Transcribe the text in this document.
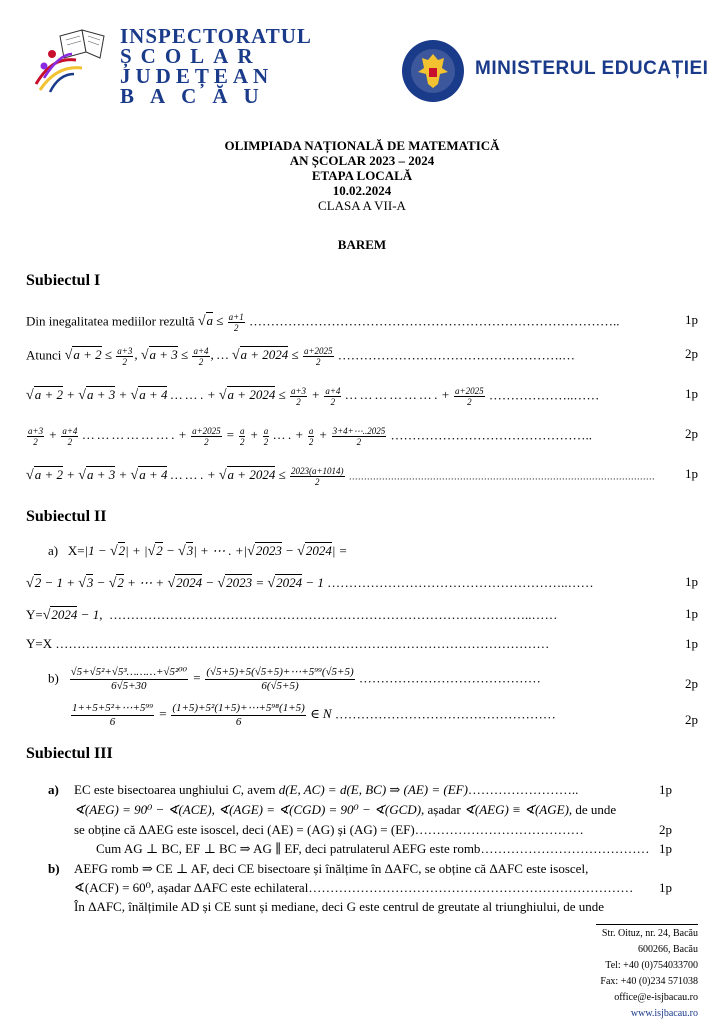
INSPECTORATUL
ȘCOLAR
JUDEȚEAN
BACĂU
MINISTERUL EDUCAȚIEI
OLIMPIADA NAȚIONALĂ DE MATEMATICĂ
AN ȘCOLAR 2023 – 2024
ETAPA LOCALĂ
10.02.2024
CLASA A VII-A
BAREM
Subiectul I
Din inegalitatea mediilor rezultă $√a \le \frac{a+1}{2}$ …………………………………………………………………………..	1p
Atunci $√a + 2 \le \frac{a+3}{2}$ , $√a + 3 \le \frac{a+4}{2}$ , … $√a + 2024 \le \frac{a+2025}{2}$ …………………………………………….…	2p
√a + 2 + √a + 3 + √a + 4 … … . + $√a + 2024 \le \frac{a+3}{2} + \frac{a+4}{2}$ … … … … … … . + $\frac{a+2025}{2}$ ………………..……	1p
$\frac{a+3}{2} + \frac{a+4}{2}$ … … … … … … . + $\frac{a+2025}{2} = \frac{a}{2} + \frac{a}{2}$ … . + $\frac{a}{2} + \frac{3+4+\cdots..2025}{2}$ ………………………………………..	2p
√a + 2 + √a + 3 + √a + 4 … … . + $√a + 2024 \le \frac{2023(a+1014)}{2}$ ………………………………………………………………………………………… 1p
Subiectul II
a) X=|1 − √2| + |√2 − √3| + ⋯ . +|√2023 − √2024| =
√2 − 1 + √3 − √2 + ⋯ + √2024 − √2023 = √2024 − 1 ………………………………………………..……	1p
Y=√2024 − 1,  ……………………………………………………………………………………..……	1p
Y=X ……………………………………………………………………………………………………	1p
$b) \frac{\text{√5+√5²+√5³………+√5²⁰⁰}}{6√5+30} = \frac{\text{(√5+5)+5(√5+5)+⋯+5⁹⁹(√5+5)}}{6(√5+5)}$ ……………………………………	2p
$\frac{\text{1++5+5²+⋯+5⁹⁹}}{6} = \frac{\text{(1+5)+5²(1+5)+⋯+5⁹⁸(1+5)}}{6}$ ∈ N ……………………………………………	2p
Subiectul III
a) EC este bisectoarea unghiului C, avem d(E, AC) = d(E, BC) ⇒ (AE) = (EF)……………………..	1p
∢(AEG) = 90⁰ − ∢(ACE), ∢(AGE) = ∢(CGD) = 90⁰ − ∢(GCD), așadar ∢(AEG) ≡ ∢(AGE), de unde
se obține că ΔAEG este isoscel, deci (AE) = (AG) și (AG) = (EF)…………………………………	2p
Cum AG ⊥ BC, EF ⊥ BC ⇒ AG ∥ EF, deci patrulaterul AEFG este romb………………………………… 1p
b) AEFG romb ⇒ CE ⊥ AF, deci CE bisectoare și înălțime în ΔAFC, se obține că ΔAFC este isoscel,
∢(ACF) = 60⁰, așadar ΔAFC este echilateral………………………………………………………………… 1p
În ΔAFC, înălțimile AD și CE sunt și mediane, deci G este centrul de greutate al triunghiului, de unde
Str. Oituz, nr. 24, Bacău
600266, Bacău
Tel: +40 (0)754033700
Fax: +40 (0)234 571038
office@e-isjbacau.ro
www.isjbacau.ro
